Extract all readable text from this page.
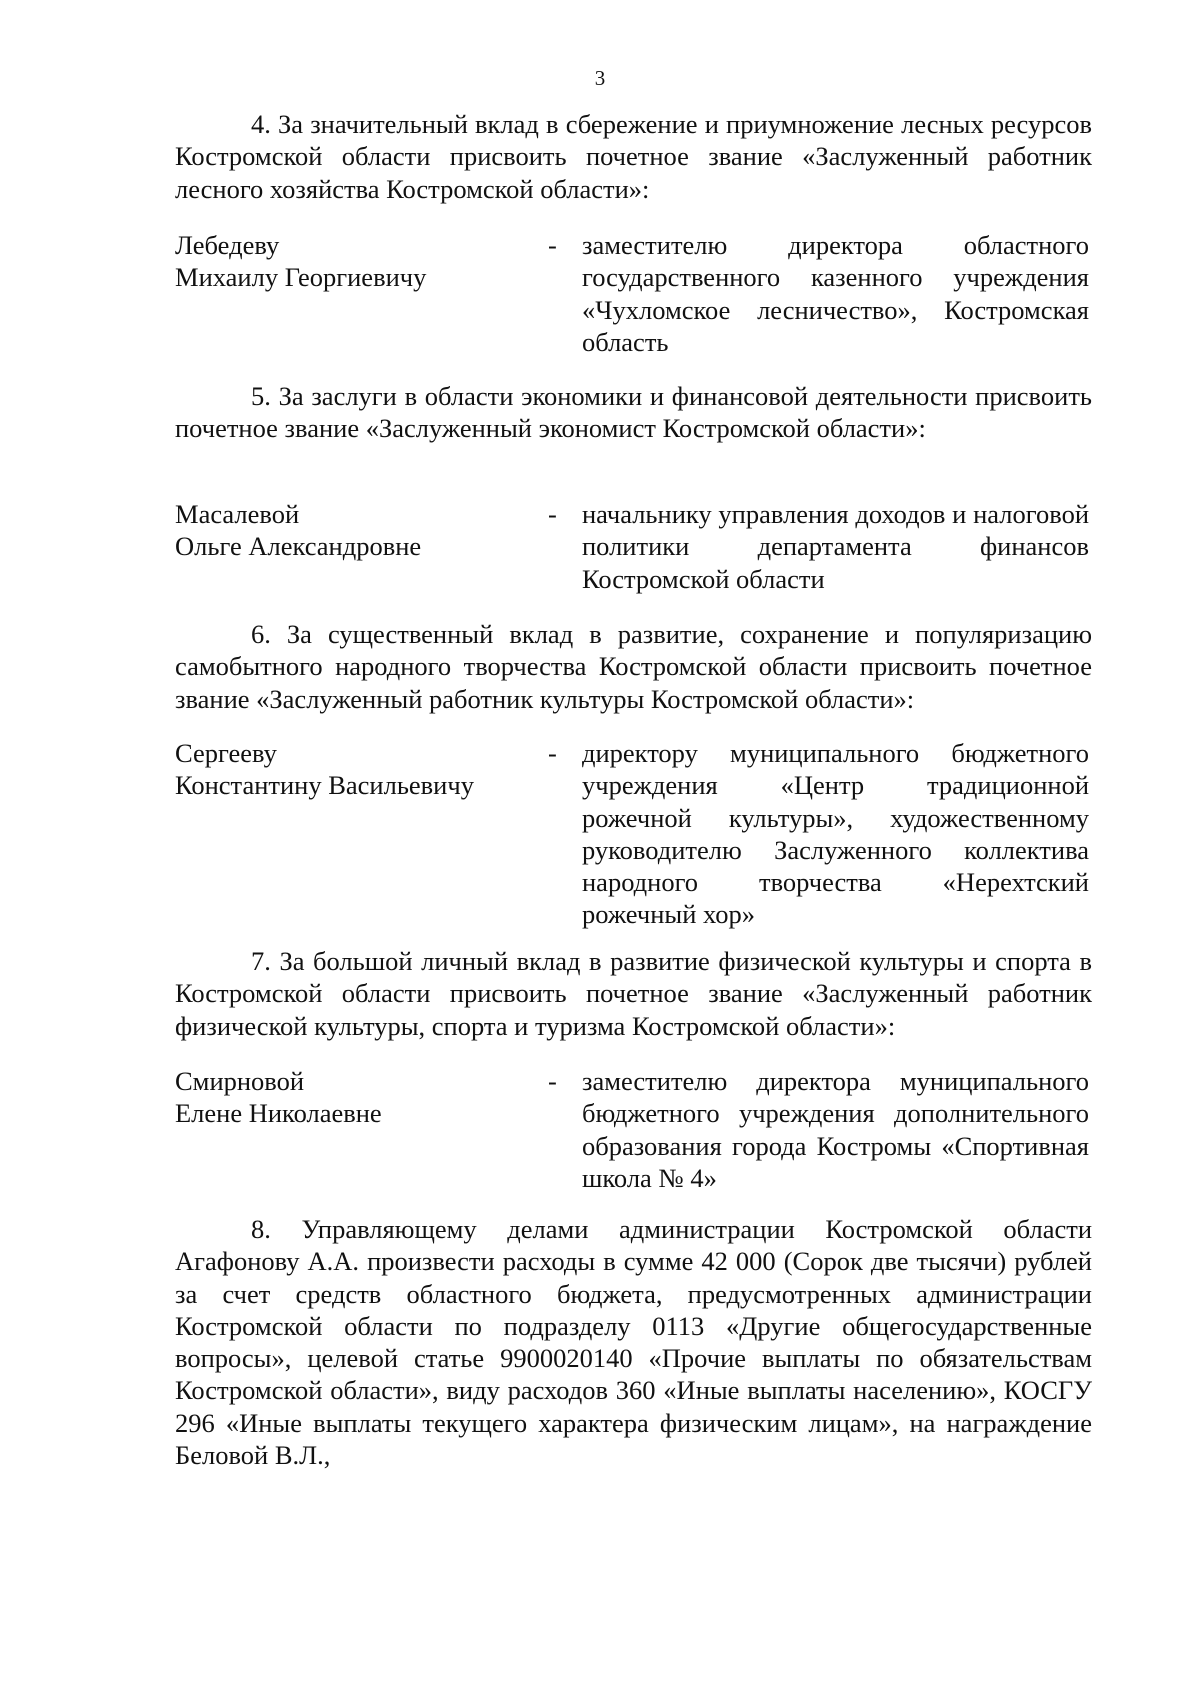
3
4. За значительный вклад в сбережение и приумножение лесных ресурсов Костромской области присвоить почетное звание «Заслуженный работник лесного хозяйства Костромской области»:
Лебедеву
Михаилу Георгиевичу
- заместителю директора областного государственного казенного учреждения «Чухломское лесничество», Костромская область
5. За заслуги в области экономики и финансовой деятельности присвоить почетное звание «Заслуженный экономист Костромской области»:
Масалевой
Ольге Александровне
- начальнику управления доходов и налоговой политики департамента финансов Костромской области
6. За существенный вклад в развитие, сохранение и популяризацию самобытного народного творчества Костромской области присвоить почетное звание «Заслуженный работник культуры Костромской области»:
Сергееву
Константину Васильевичу
- директору муниципального бюджетного учреждения «Центр традиционной рожечной культуры», художественному руководителю Заслуженного коллектива народного творчества «Нерехтский рожечный хор»
7. За большой личный вклад в развитие физической культуры и спорта в Костромской области присвоить почетное звание «Заслуженный работник физической культуры, спорта и туризма Костромской области»:
Смирновой
Елене Николаевне
- заместителю директора муниципального бюджетного учреждения дополнительного образования города Костромы «Спортивная школа № 4»
8. Управляющему делами администрации Костромской области Агафонову А.А. произвести расходы в сумме 42 000 (Сорок две тысячи) рублей за счет средств областного бюджета, предусмотренных администрации Костромской области по подразделу 0113 «Другие общегосударственные вопросы», целевой статье 9900020140 «Прочие выплаты по обязательствам Костромской области», виду расходов 360 «Иные выплаты населению», КОСГУ 296 «Иные выплаты текущего характера физическим лицам», на награждение Беловой В.Л.,
